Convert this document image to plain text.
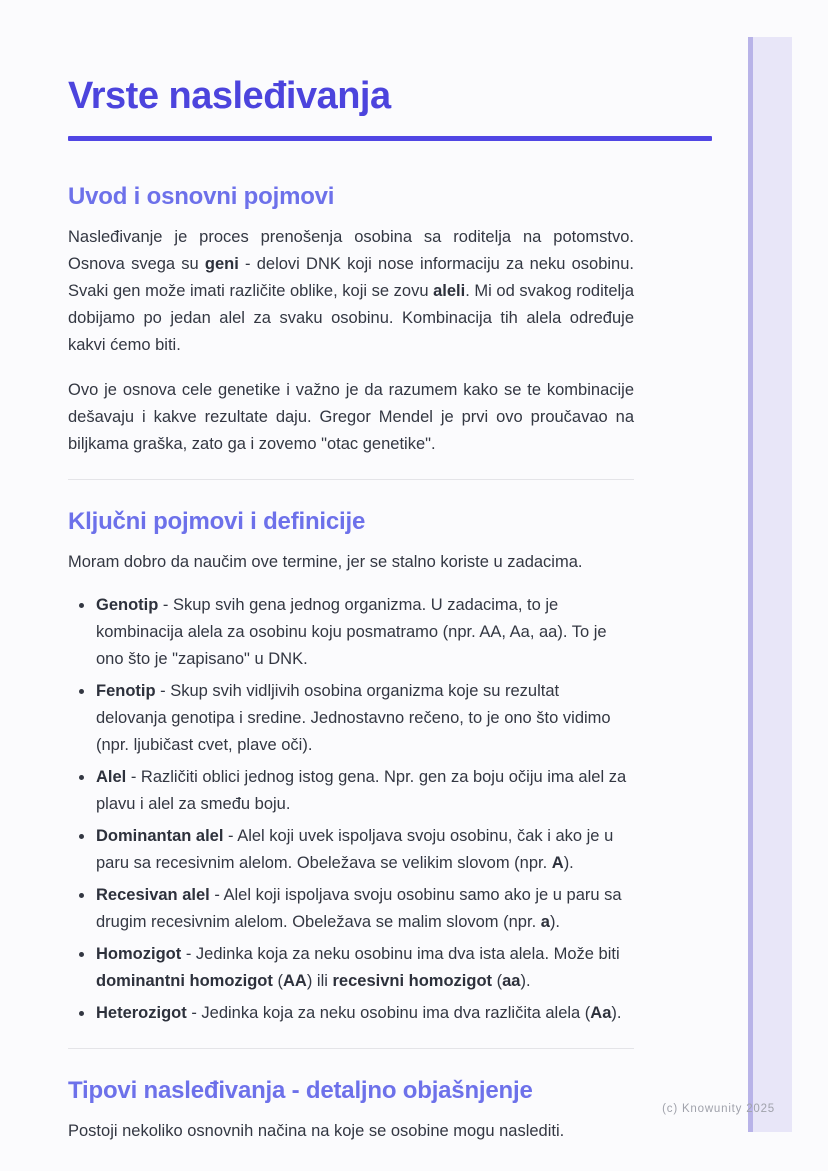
Vrste nasleđivanja
Uvod i osnovni pojmovi

Nasleđivanje je proces prenošenja osobina sa roditelja na potomstvo. Osnova svega su geni - delovi DNK koji nose informaciju za neku osobinu. Svaki gen može imati različite oblike, koji se zovu aleli. Mi od svakog roditelja dobijamo po jedan alel za svaku osobinu. Kombinacija tih alela određuje kakvi ćemo biti.

Ovo je osnova cele genetike i važno je da razumem kako se te kombinacije dešavaju i kakve rezultate daju. Gregor Mendel je prvi ovo proučavao na biljkama graška, zato ga i zovemo "otac genetike".

Ključni pojmovi i definicije

Moram dobro da naučim ove termine, jer se stalno koriste u zadacima.

• Genotip - Skup svih gena jednog organizma. U zadacima, to je kombinacija alela za osobinu koju posmatramo (npr. AA, Aa, aa). To je ono što je "zapisano" u DNK.
• Fenotip - Skup svih vidljivih osobina organizma koje su rezultat delovanja genotipa i sredine. Jednostavno rečeno, to je ono što vidimo (npr. ljubičast cvet, plave oči).
• Alel - Različiti oblici jednog istog gena. Npr. gen za boju očiju ima alel za plavu i alel za smeđu boju.
• Dominantan alel - Alel koji uvek ispoljava svoju osobinu, čak i ako je u paru sa recesivnim alelom. Obeležava se velikim slovom (npr. A).
• Recesivan alel - Alel koji ispoljava svoju osobinu samo ako je u paru sa drugim recesivnim alelom. Obeležava se malim slovom (npr. a).
• Homozigot - Jedinka koja za neku osobinu ima dva ista alela. Može biti dominantni homozigot (AA) ili recesivni homozigot (aa).
• Heterozigot - Jedinka koja za neku osobinu ima dva različita alela (Aa).
Tipovi nasleđivanja - detaljno objašnjenje

Postoji nekoliko osnovnih načina na koje se osobine mogu naslediti.

(c) Knowunity 2025
